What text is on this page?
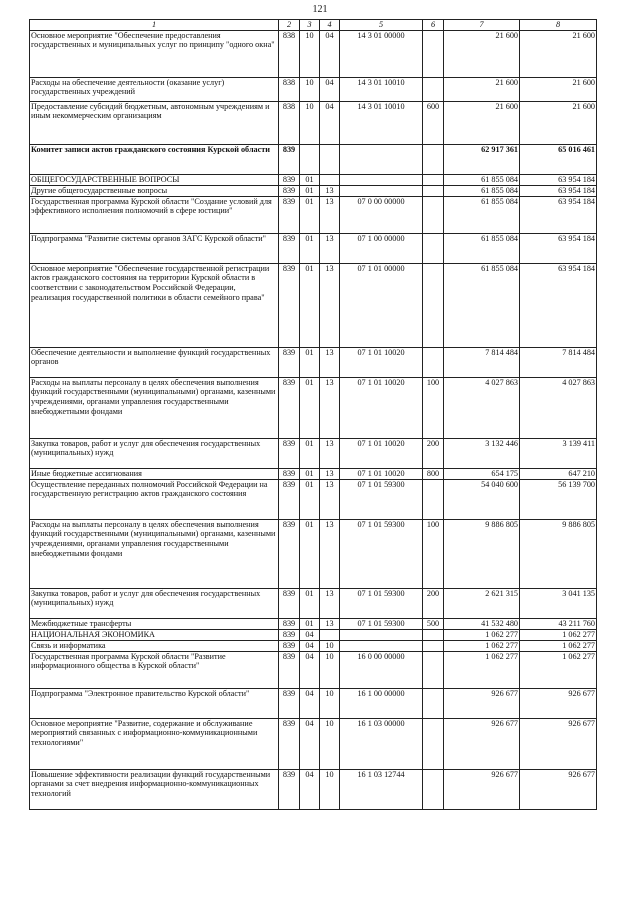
121
1	2	3	4	5	6	7	8
Основное мероприятие "Обеспечение предоставления государственных и муниципальных услуг по принципу "одного окна"	838	10	04	14 3 01 00000		21 600	21 600
Расходы на обеспечение деятельности (оказание услуг) государственных учреждений	838	10	04	14 3 01 10010		21 600	21 600
Предоставление субсидий бюджетным, автономным учреждениям и иным некоммерческим организациям	838	10	04	14 3 01 10010	600	21 600	21 600
Комитет записи актов гражданского состояния Курской области	839					62 917 361	65 016 461
ОБЩЕГОСУДАРСТВЕННЫЕ ВОПРОСЫ	839	01				61 855 084	63 954 184
Другие общегосударственные вопросы	839	01	13			61 855 084	63 954 184
Государственная программа Курской области "Создание условий для эффективного исполнения полномочий в сфере юстиции"	839	01	13	07 0 00 00000		61 855 084	63 954 184
Подпрограмма "Развитие системы органов ЗАГС Курской области"	839	01	13	07 1 00 00000		61 855 084	63 954 184
Основное мероприятие "Обеспечение государственной регистрации актов гражданского состояния на территории Курской области в соответствии с законодательством Российской Федерации, реализация государственной политики в области семейного права"	839	01	13	07 1 01 00000		61 855 084	63 954 184
Обеспечение деятельности и выполнение функций государственных органов	839	01	13	07 1 01 10020		7 814 484	7 814 484
Расходы на выплаты персоналу в целях обеспечения выполнения функций государственными (муниципальными) органами, казенными учреждениями, органами управления государственными внебюджетными фондами	839	01	13	07 1 01 10020	100	4 027 863	4 027 863
Закупка товаров, работ и услуг для обеспечения государственных (муниципальных) нужд	839	01	13	07 1 01 10020	200	3 132 446	3 139 411
Иные бюджетные ассигнования	839	01	13	07 1 01 10020	800	654 175	647 210
Осуществление переданных полномочий Российской Федерации на государственную регистрацию актов гражданского состояния	839	01	13	07 1 01 59300		54 040 600	56 139 700
Расходы на выплаты персоналу в целях обеспечения выполнения функций государственными (муниципальными) органами, казенными учреждениями, органами управления государственными внебюджетными фондами	839	01	13	07 1 01 59300	100	9 886 805	9 886 805
Закупка товаров, работ и услуг для обеспечения государственных (муниципальных) нужд	839	01	13	07 1 01 59300	200	2 621 315	3 041 135
Межбюджетные трансферты	839	01	13	07 1 01 59300	500	41 532 480	43 211 760
НАЦИОНАЛЬНАЯ ЭКОНОМИКА	839	04				1 062 277	1 062 277
Связь и информатика	839	04	10			1 062 277	1 062 277
Государственная программа Курской области "Развитие информационного общества в Курской области"	839	04	10	16 0 00 00000		1 062 277	1 062 277
Подпрограмма "Электронное правительство Курской области"	839	04	10	16 1 00 00000		926 677	926 677
Основное мероприятие "Развитие, содержание и обслуживание мероприятий связанных с информационно-коммуникационными технологиями"	839	04	10	16 1 03 00000		926 677	926 677
Повышение эффективности реализации функций государственными органами за счет внедрения информационно-коммуникационных технологий	839	04	10	16 1 03 12744		926 677	926 677
